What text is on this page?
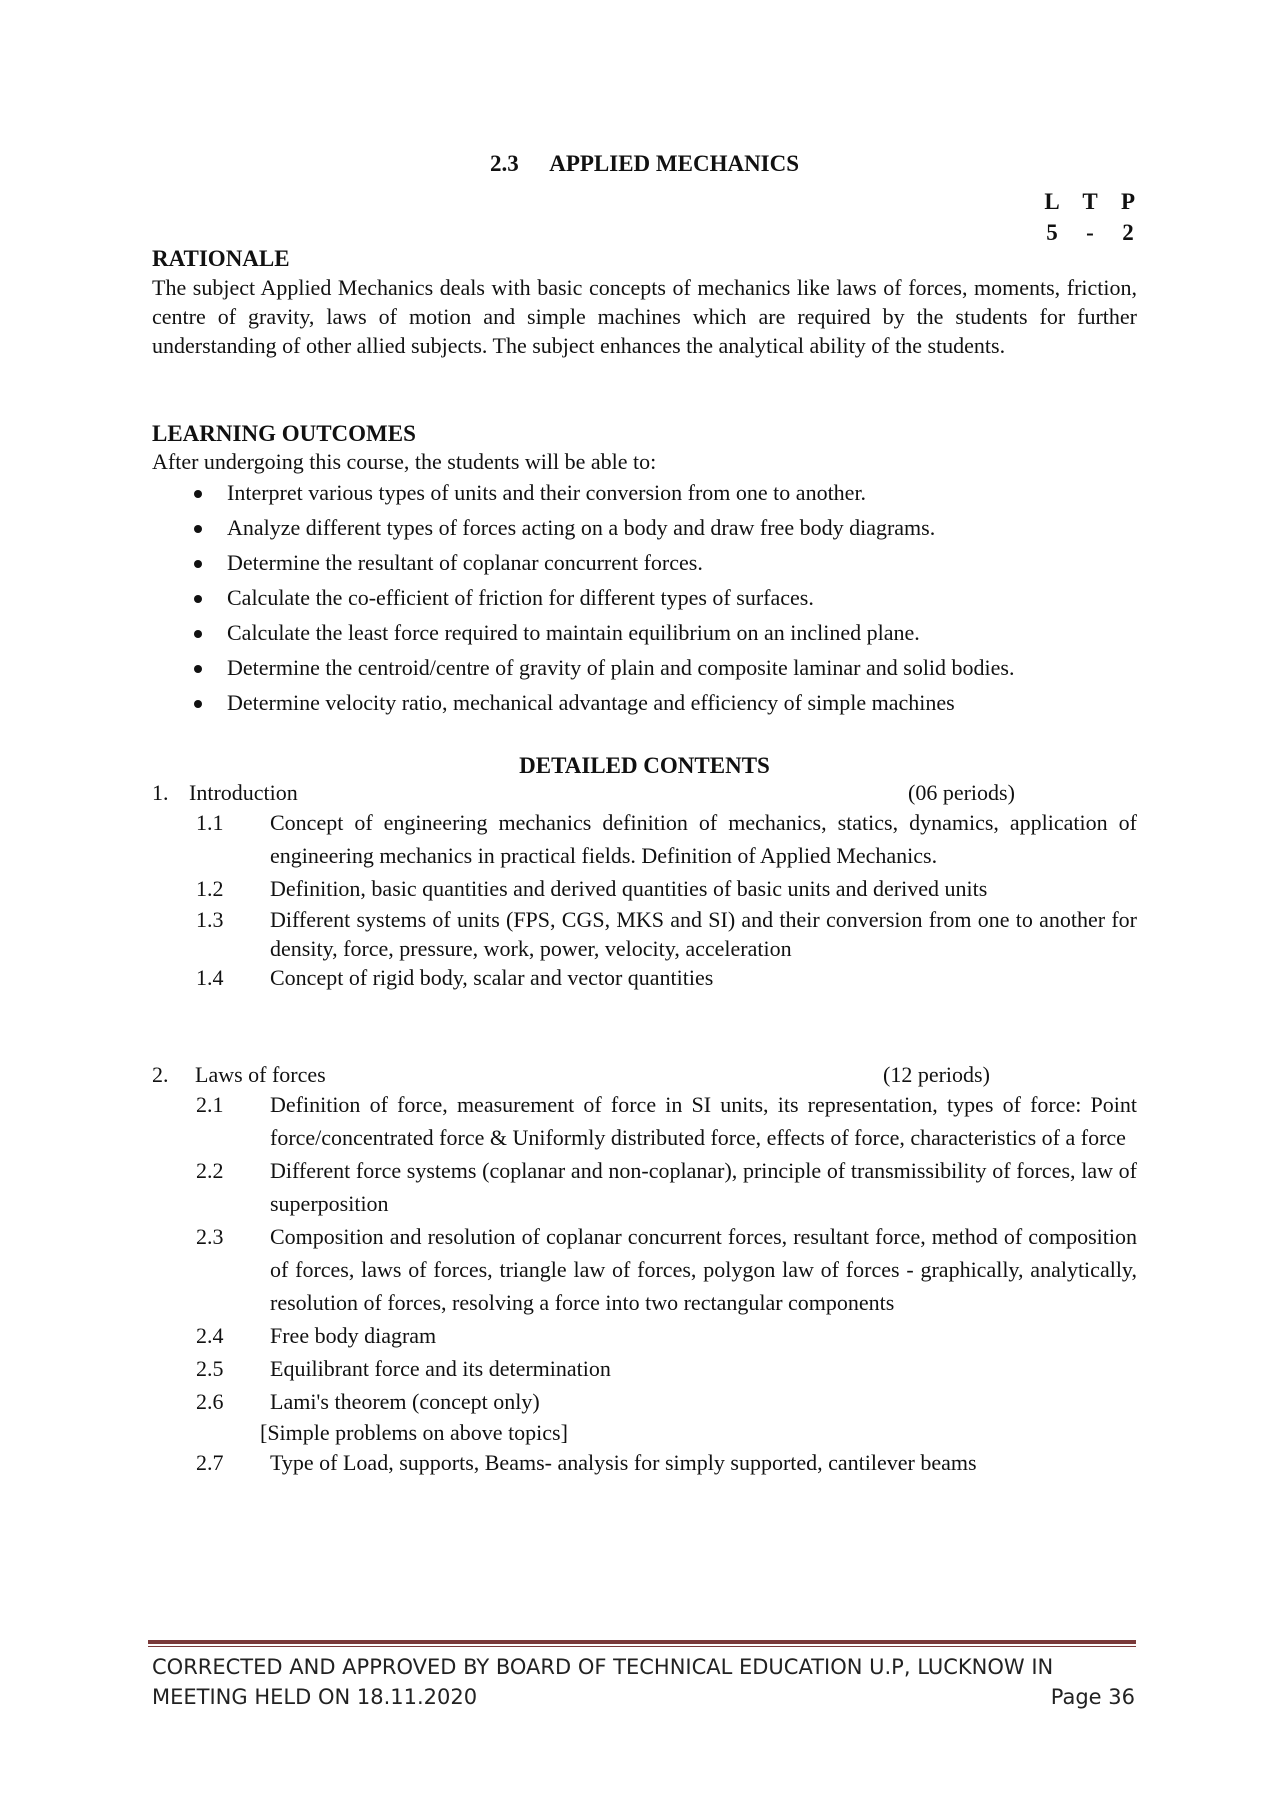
2.3 APPLIED MECHANICS
L T P
5 - 2
RATIONALE
The subject Applied Mechanics deals with basic concepts of mechanics like laws of forces, moments, friction, centre of gravity, laws of motion and simple machines which are required by the students for further understanding of other allied subjects. The subject enhances the analytical ability of the students.
LEARNING OUTCOMES
After undergoing this course, the students will be able to:
Interpret various types of units and their conversion from one to another.
Analyze different types of forces acting on a body and draw free body diagrams.
Determine the resultant of coplanar concurrent forces.
Calculate the co-efficient of friction for different types of surfaces.
Calculate the least force required to maintain equilibrium on an inclined plane.
Determine the centroid/centre of gravity of plain and composite laminar and solid bodies.
Determine velocity ratio, mechanical advantage and efficiency of simple machines
DETAILED CONTENTS
1. Introduction	(06 periods)
1.1 Concept of engineering mechanics definition of mechanics, statics, dynamics, application of engineering mechanics in practical fields. Definition of Applied Mechanics.
1.2 Definition, basic quantities and derived quantities of basic units and derived units
1.3 Different systems of units (FPS, CGS, MKS and SI) and their conversion from one to another for density, force, pressure, work, power, velocity, acceleration
1.4 Concept of rigid body, scalar and vector quantities
2. Laws of forces	(12 periods)
2.1 Definition of force, measurement of force in SI units, its representation, types of force: Point force/concentrated force & Uniformly distributed force, effects of force, characteristics of a force
2.2 Different force systems (coplanar and non-coplanar), principle of transmissibility of forces, law of superposition
2.3 Composition and resolution of coplanar concurrent forces, resultant force, method of composition of forces, laws of forces, triangle law of forces, polygon law of forces - graphically, analytically, resolution of forces, resolving a force into two rectangular components
2.4 Free body diagram
2.5 Equilibrant force and its determination
2.6 Lami's theorem (concept only)
[Simple problems on above topics]
2.7 Type of Load, supports, Beams- analysis for simply supported, cantilever beams
CORRECTED AND APPROVED BY BOARD OF TECHNICAL EDUCATION U.P, LUCKNOW IN
MEETING HELD ON 18.11.2020	Page 36
